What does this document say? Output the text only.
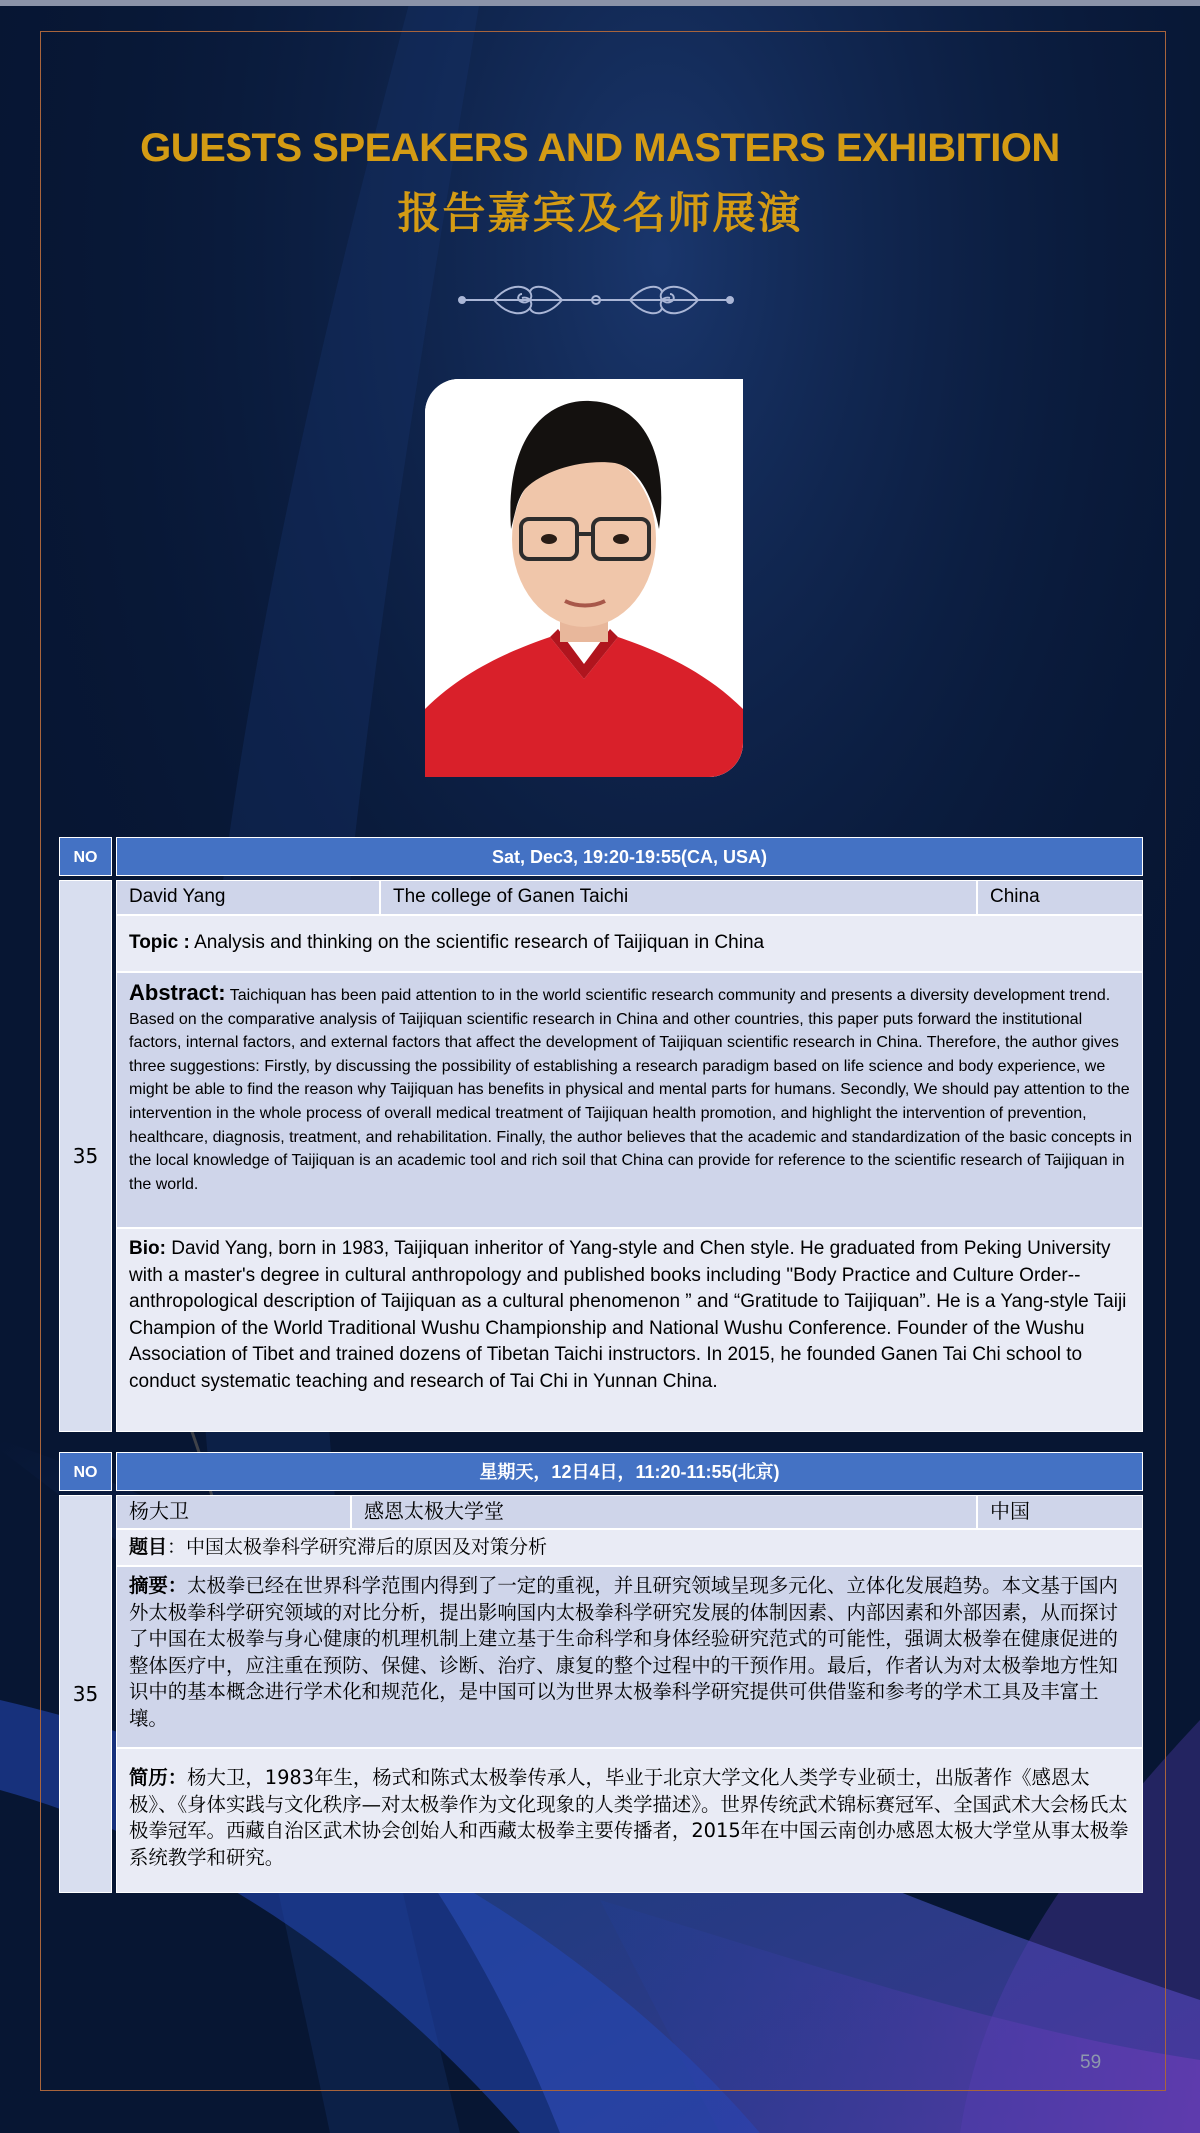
GUESTS SPEAKERS AND MASTERS EXHIBITION
报告嘉宾及名师展演
NO	Sat, Dec3, 19:20-19:55(CA, USA)
35
David Yang	The college of Ganen Taichi	China
Topic : Analysis and thinking on the scientific research of Taijiquan in China
Abstract: Taichiquan has been paid attention to in the world scientific research community and presents a diversity development trend. Based on the comparative analysis of Taijiquan scientific research in China and other countries, this paper puts forward the institutional factors, internal factors, and external factors that affect the development of Taijiquan scientific research in China. Therefore, the author gives three suggestions: Firstly, by discussing the possibility of establishing a research paradigm based on life science and body experience, we might be able to find the reason why Taijiquan has benefits in physical and mental parts for humans. Secondly, We should pay attention to the intervention in the whole process of overall medical treatment of Taijiquan health promotion, and highlight the intervention of prevention, healthcare, diagnosis, treatment, and rehabilitation. Finally, the author believes that the academic and standardization of the basic concepts in the local knowledge of Taijiquan is an academic tool and rich soil that China can provide for reference to the scientific research of Taijiquan in the world.
Bio: David Yang, born in 1983, Taijiquan inheritor of Yang-style and Chen style. He graduated from Peking University with a master's degree in cultural anthropology and published books including "Body Practice and Culture Order--anthropological description of Taijiquan as a cultural phenomenon ” and “Gratitude to Taijiquan”. He is a Yang-style Taiji Champion of the World Traditional Wushu Championship and National Wushu Conference. Founder of the Wushu Association of Tibet and trained dozens of Tibetan Taichi instructors. In 2015, he founded Ganen Tai Chi school to conduct systematic teaching and research of Tai Chi in Yunnan China.
NO	星期天，12日4日，11:20-11:55(北京)
35
杨大卫	感恩太极大学堂	中国
题目：中国太极拳科学研究滞后的原因及对策分析
摘要：太极拳已经在世界科学范围内得到了一定的重视，并且研究领域呈现多元化、立体化发展趋势。本文基于国内外太极拳科学研究领域的对比分析，提出影响国内太极拳科学研究发展的体制因素、内部因素和外部因素，从而探讨了中国在太极拳与身心健康的机理机制上建立基于生命科学和身体经验研究范式的可能性，强调太极拳在健康促进的整体医疗中，应注重在预防、保健、诊断、治疗、康复的整个过程中的干预作用。最后，作者认为对太极拳地方性知识中的基本概念进行学术化和规范化，是中国可以为世界太极拳科学研究提供可供借鉴和参考的学术工具及丰富土壤。
简历：杨大卫，1983年生，杨式和陈式太极拳传承人，毕业于北京大学文化人类学专业硕士，出版著作《感恩太极》、《身体实践与文化秩序—对太极拳作为文化现象的人类学描述》。世界传统武术锦标赛冠军、全国武术大会杨氏太极拳冠军。西藏自治区武术协会创始人和西藏太极拳主要传播者，2015年在中国云南创办感恩太极大学堂从事太极拳系统教学和研究。
59
